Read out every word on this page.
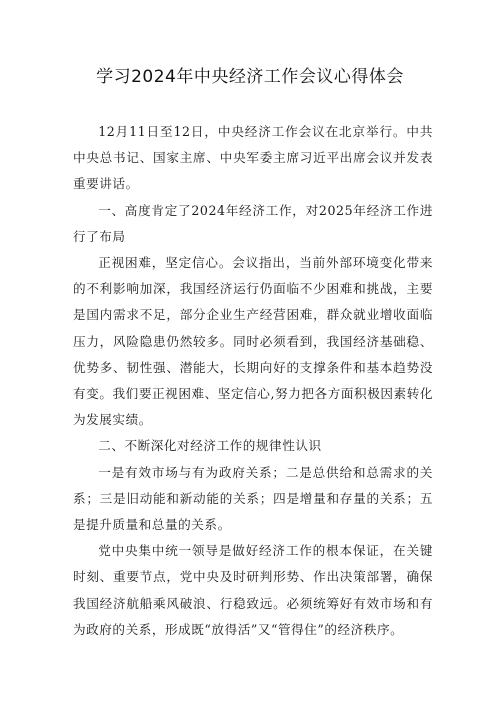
学习2024年中央经济工作会议心得体会

12月11日至12日，中央经济工作会议在北京举行。中共中央总书记、国家主席、中央军委主席习近平出席会议并发表重要讲话。

一、高度肯定了2024年经济工作，对2025年经济工作进行了布局

正视困难，坚定信心。会议指出，当前外部环境变化带来的不利影响加深，我国经济运行仍面临不少困难和挑战，主要是国内需求不足，部分企业生产经营困难，群众就业增收面临压力，风险隐患仍然较多。同时必须看到，我国经济基础稳、优势多、韧性强、潜能大，长期向好的支撑条件和基本趋势没有变。我们要正视困难、坚定信心,努力把各方面积极因素转化为发展实绩。

二、不断深化对经济工作的规律性认识

一是有效市场与有为政府关系；二是总供给和总需求的关系；三是旧动能和新动能的关系；四是增量和存量的关系；五是提升质量和总量的关系。

党中央集中统一领导是做好经济工作的根本保证，在关键时刻、重要节点，党中央及时研判形势、作出决策部署，确保我国经济航船乘风破浪、行稳致远。必须统筹好有效市场和有为政府的关系，形成既“放得活”又“管得住”的经济秩序。
